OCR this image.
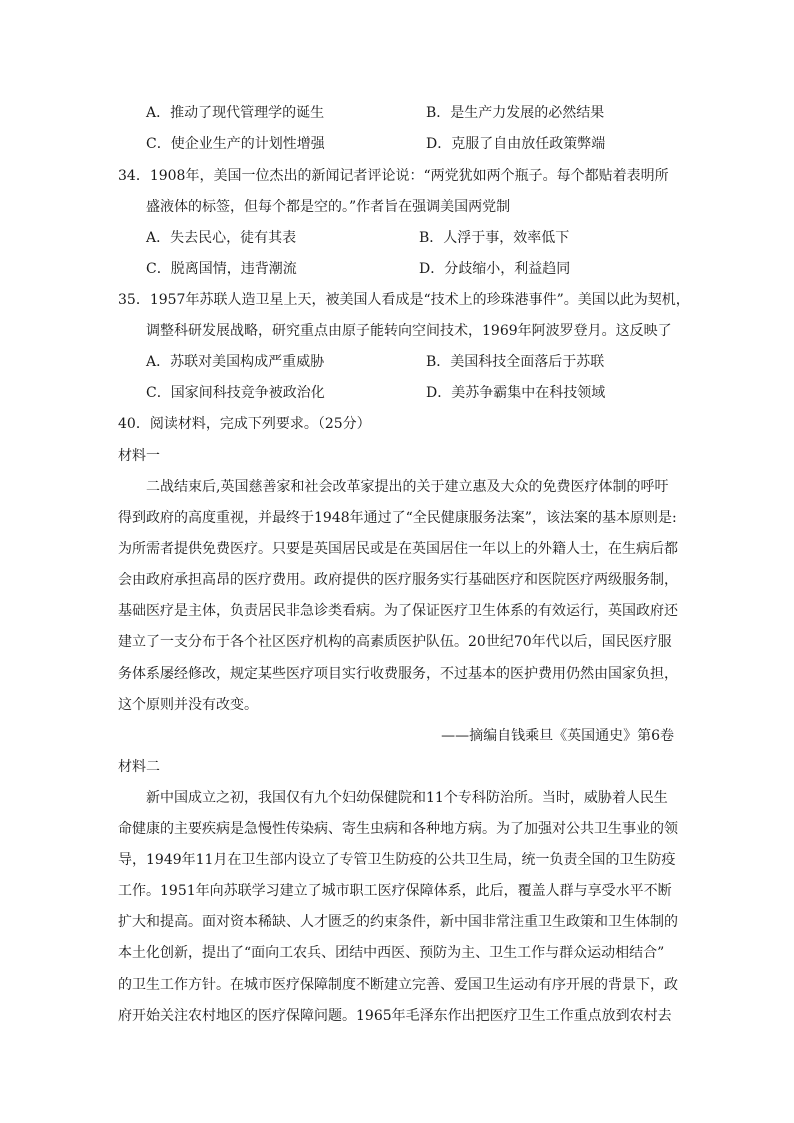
A．推动了现代管理学的诞生	B．是生产力发展的必然结果
C．使企业生产的计划性增强	D．克服了自由放任政策弊端
34．1908年，美国一位杰出的新闻记者评论说：“两党犹如两个瓶子。每个都贴着表明所
盛液体的标签，但每个都是空的。”作者旨在强调美国两党制
A．失去民心，徒有其表	B．人浮于事，效率低下
C．脱离国情，违背潮流	D．分歧缩小，利益趋同
35．1957年苏联人造卫星上天，被美国人看成是“技术上的珍珠港事件”。美国以此为契机，
调整科研发展战略，研究重点由原子能转向空间技术，1969年阿波罗登月。这反映了
A．苏联对美国构成严重威胁	B．美国科技全面落后于苏联
C．国家间科技竞争被政治化	D．美苏争霸集中在科技领域
40．阅读材料，完成下列要求。（25分）
材料一
二战结束后,英国慈善家和社会改革家提出的关于建立惠及大众的免费医疗体制的呼吁
得到政府的高度重视，并最终于1948年通过了“全民健康服务法案”，该法案的基本原则是:
为所需者提供免费医疗。只要是英国居民或是在英国居住一年以上的外籍人士，在生病后都
会由政府承担高昂的医疗费用。政府提供的医疗服务实行基础医疗和医院医疗两级服务制，
基础医疗是主体，负责居民非急诊类看病。为了保证医疗卫生体系的有效运行，英国政府还
建立了一支分布于各个社区医疗机构的高素质医护队伍。20世纪70年代以后，国民医疗服
务体系屡经修改，规定某些医疗项目实行收费服务，不过基本的医护费用仍然由国家负担，
这个原则并没有改变。
——摘编自钱乘旦《英国通史》第6卷
材料二
新中国成立之初，我国仅有九个妇幼保健院和11个专科防治所。当时，威胁着人民生
命健康的主要疾病是急慢性传染病、寄生虫病和各种地方病。为了加强对公共卫生事业的领
导，1949年11月在卫生部内设立了专管卫生防疫的公共卫生局，统一负责全国的卫生防疫
工作。1951年向苏联学习建立了城市职工医疗保障体系，此后，覆盖人群与享受水平不断
扩大和提高。面对资本稀缺、人才匮乏的约束条件，新中国非常注重卫生政策和卫生体制的
本土化创新，提出了“面向工农兵、团结中西医、预防为主、卫生工作与群众运动相结合”
的卫生工作方针。在城市医疗保障制度不断建立完善、爱国卫生运动有序开展的背景下，政
府开始关注农村地区的医疗保障问题。1965年毛泽东作出把医疗卫生工作重点放到农村去
